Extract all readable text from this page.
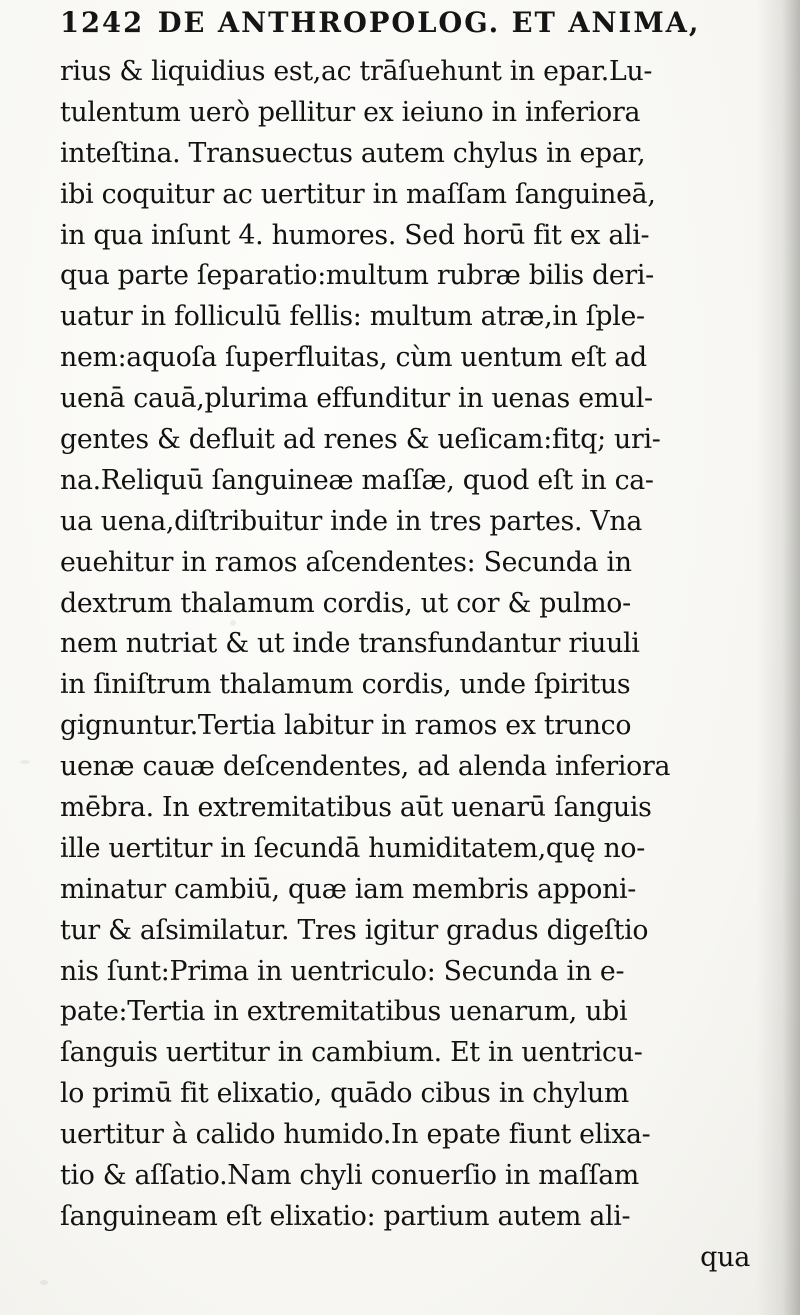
1242 DE ANTHROPOLOG. ET ANIMA,
rius & liquidius est,ac trāſuehunt in epar.Lu-
tulentum uerò pellitur ex ieiuno in inferiora
inteſtina. Transuectus autem chylus in epar,
ibi coquitur ac uertitur in maſſam ſanguineā,
in qua inſunt 4. humores. Sed horū fit ex ali-
qua parte ſeparatio:multum rubræ bilis deri-
uatur in folliculū fellis: multum atræ,in ſple-
nem:aquoſa ſuperfluitas, cùm uentum eſt ad
uenā cauā,plurima effunditur in uenas emul-
gentes & defluit ad renes & ueſicam:fitq; uri-
na.Reliquū ſanguineæ maſſæ, quod eſt in ca-
ua uena,diſtribuitur inde in tres partes. Vna
euehitur in ramos aſcendentes: Secunda in
dextrum thalamum cordis, ut cor & pulmo-
nem nutriat & ut inde transfundantur riuuli
in ſiniſtrum thalamum cordis, unde ſpiritus
gignuntur.Tertia labitur in ramos ex trunco
uenæ cauæ deſcendentes, ad alenda inferiora
mēbra. In extremitatibus aūt uenarū ſanguis
ille uertitur in ſecundā humiditatem,quę no-
minatur cambiū, quæ iam membris apponi-
tur & aſsimilatur. Tres igitur gradus digeſtio
nis ſunt:Prima in uentriculo: Secunda in e-
pate:Tertia in extremitatibus uenarum, ubi
ſanguis uertitur in cambium. Et in uentricu-
lo primū fit elixatio, quādo cibus in chylum
uertitur à calido humido.In epate fiunt elixa-
tio & aſſatio.Nam chyli conuerſio in maſſam
ſanguineam eſt elixatio: partium autem ali-
qua
